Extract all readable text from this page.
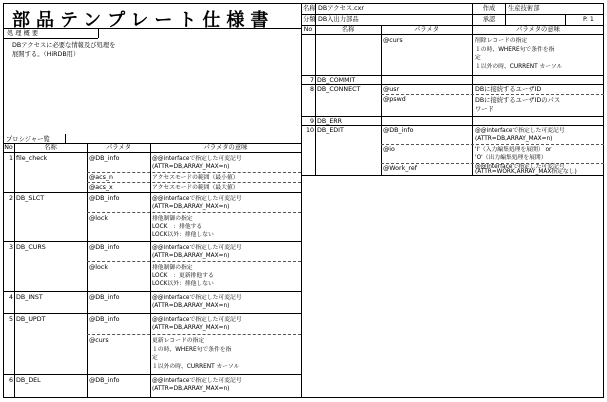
部品テンプレート仕様書
名称 DBアクセス.cxr
分類 DB入出力部品
作成	生産技術部
承認	P. 1
処 理 概 要
DBアクセスに必要な情報及び処理を
展開する。（HiRDB用）
プロシジャー覧
No	名称	パラメタ	パラメタの意味
1 file_check	@DB_info	@@interfaceで指定した可変記号
(ATTR=DB,ARRAY_MAX=n)
@acs_n	アクセスモードの範囲（最小値）
@acs_x	アクセスモードの範囲（最大値）
2 DB_SLCT	@DB_info	@@interfaceで指定した可変記号
(ATTR=DB,ARRAY_MAX=n)
@lock	排他制御の指定
LOCK　：排他する
LOCK以外：排他しない
3 DB_CURS	@DB_info	@@interfaceで指定した可変記号
(ATTR=DB,ARRAY_MAX=n)
@lock	排他制御の指定
LOCK　：更新排他する
LOCK以外：排他しない
4 DB_INST	@DB_info	@@interfaceで指定した可変記号
(ATTR=DB,ARRAY_MAX=n)
5 DB_UPDT	@DB_info	@@interfaceで指定した可変記号
(ATTR=DB,ARRAY_MAX=n)
@curs	更新レコードの指定
１の時、WHERE句で条件を指
定
１以外の時、CURRENT カーソル
6 DB_DEL	@DB_info	@@interfaceで指定した可変記号
(ATTR=DB,ARRAY_MAX=n)
No	名称	パラメタ	パラメタの意味
@curs	削除レコードの指定
１の時、WHERE句で条件を指
定
１以外の時、CURRENT カーソル
7 DB_COMMIT
8 DB_CONNECT	@usr	DBに接続するユーザID
@pswd	DBに接続するユーザIDのパス
ワード
9 DB_ERR
10 DB_EDIT	@DB_info	@@interfaceで指定した可変記号
(ATTR=DB,ARRAY_MAX=n)
@io	'I'（入力編集処理を展開） or
'O'（出力編集処理を展開）
@Work_ref	@@interfaceで指定した可変記号
(ATTR=WORK,ARRAY_MAX指定なし)
